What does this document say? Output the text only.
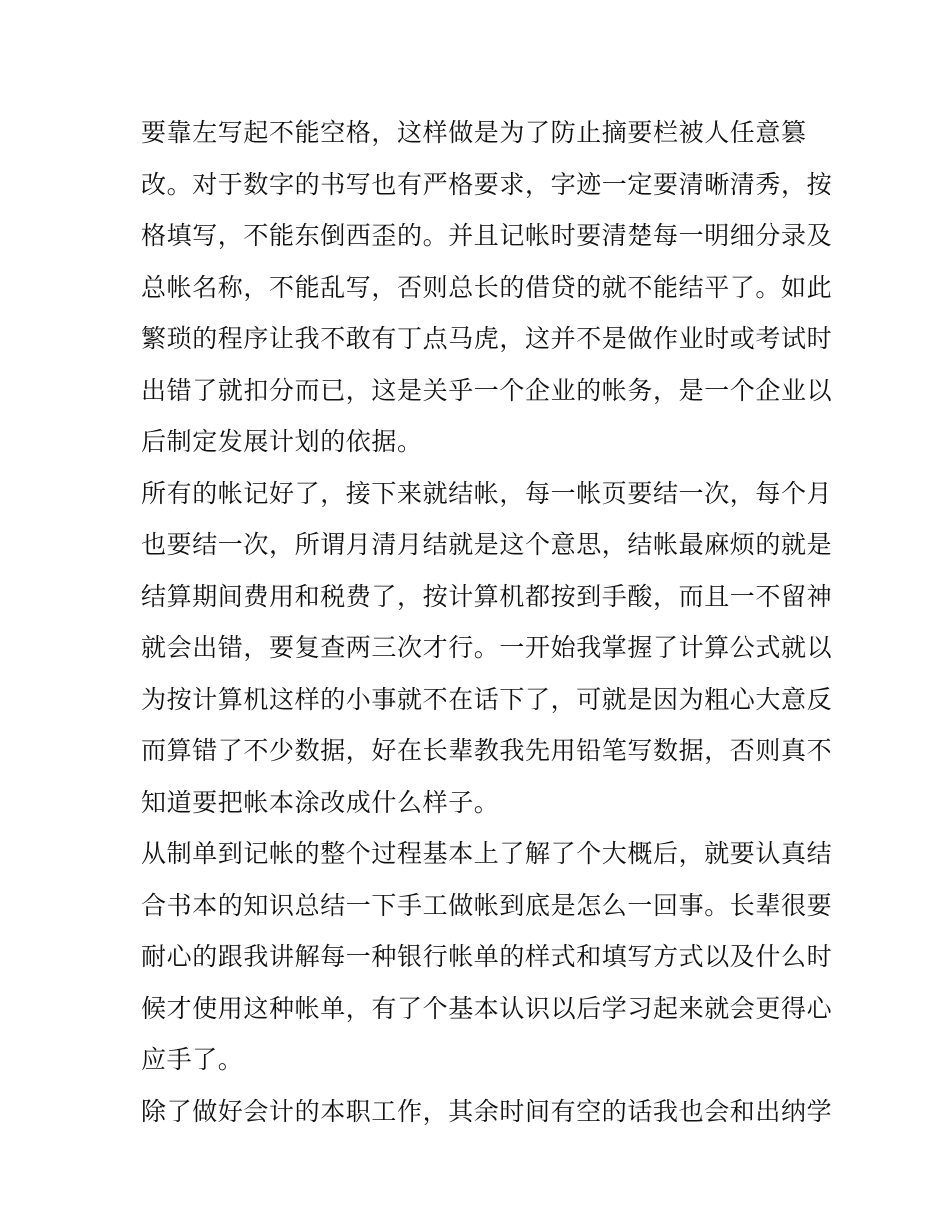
要靠左写起不能空格，这样做是为了防止摘要栏被人任意篡
改。对于数字的书写也有严格要求，字迹一定要清晰清秀，按
格填写，不能东倒西歪的。并且记帐时要清楚每一明细分录及
总帐名称，不能乱写，否则总长的借贷的就不能结平了。如此
繁琐的程序让我不敢有丁点马虎，这并不是做作业时或考试时
出错了就扣分而已，这是关乎一个企业的帐务，是一个企业以
后制定发展计划的依据。
所有的帐记好了，接下来就结帐，每一帐页要结一次，每个月
也要结一次，所谓月清月结就是这个意思，结帐最麻烦的就是
结算期间费用和税费了，按计算机都按到手酸，而且一不留神
就会出错，要复查两三次才行。一开始我掌握了计算公式就以
为按计算机这样的小事就不在话下了，可就是因为粗心大意反
而算错了不少数据，好在长辈教我先用铅笔写数据，否则真不
知道要把帐本涂改成什么样子。
从制单到记帐的整个过程基本上了解了个大概后，就要认真结
合书本的知识总结一下手工做帐到底是怎么一回事。长辈很要
耐心的跟我讲解每一种银行帐单的样式和填写方式以及什么时
候才使用这种帐单，有了个基本认识以后学习起来就会更得心
应手了。
除了做好会计的本职工作，其余时间有空的话我也会和出纳学
